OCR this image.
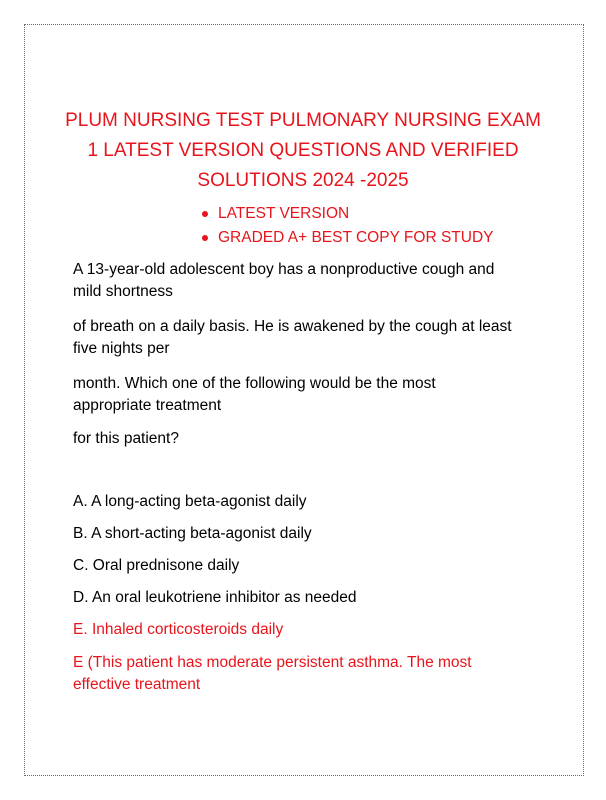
PLUM NURSING TEST PULMONARY NURSING EXAM
1 LATEST VERSION QUESTIONS AND VERIFIED
SOLUTIONS 2024 -2025
LATEST VERSION
GRADED A+ BEST COPY FOR STUDY

A 13-year-old adolescent boy has a nonproductive cough and
mild shortness

of breath on a daily basis. He is awakened by the cough at least
five nights per

month. Which one of the following would be the most
appropriate treatment

for this patient?

A. A long-acting beta-agonist daily

B. A short-acting beta-agonist daily

C. Oral prednisone daily

D. An oral leukotriene inhibitor as needed

E. Inhaled corticosteroids daily

E (This patient has moderate persistent asthma. The most
effective treatment
